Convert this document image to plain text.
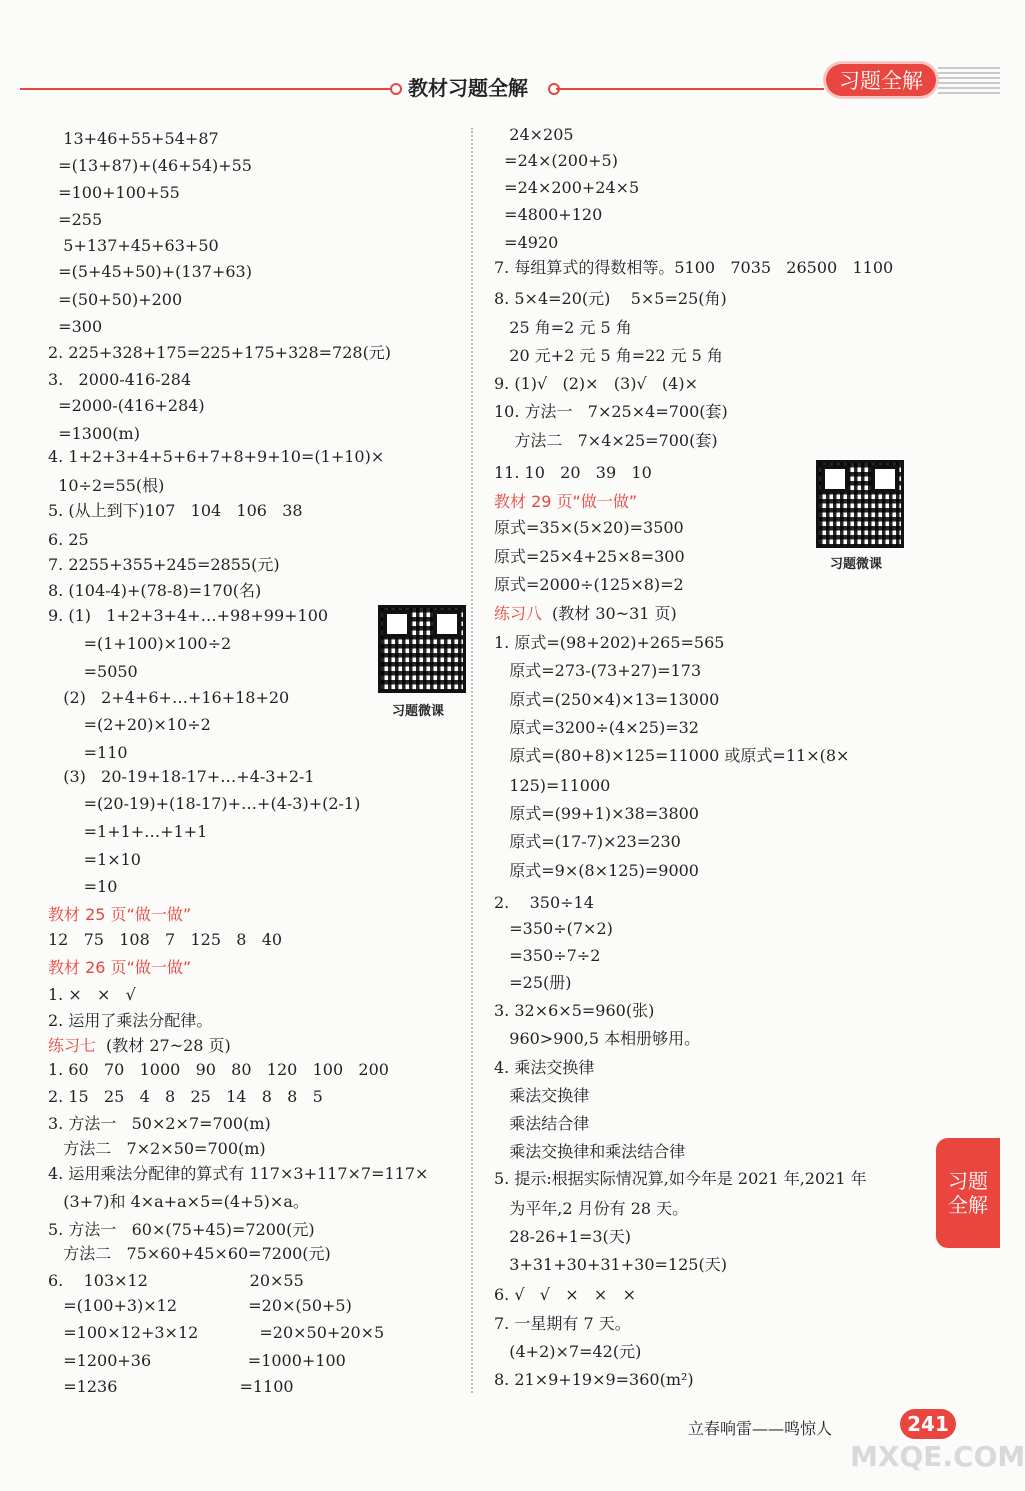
教材习题全解	习题全解
13+46+55+54+87
=(13+87)+(46+54)+55
=100+100+55
=255
5+137+45+63+50
=(5+45+50)+(137+63)
=(50+50)+200
=300
2. 225+328+175=225+175+328=728(元)
3.   2000-416-284
=2000-(416+284)
=1300(m)
4. 1+2+3+4+5+6+7+8+9+10=(1+10)×
10÷2=55(根)
5. (从上到下)107   104   106   38
6. 25
7. 2255+355+245=2855(元)
8. (104-4)+(78-8)=170(名)
9. (1)   1+2+3+4+…+98+99+100
=(1+100)×100÷2
=5050
(2)   2+4+6+…+16+18+20
=(2+20)×10÷2
=110
(3)   20-19+18-17+…+4-3+2-1
=(20-19)+(18-17)+…+(4-3)+(2-1)
=1+1+…+1+1
=1×10
=10
1. ×   ×   √
2. 运用了乘法分配律。
1. 60   70   1000   90   80   120   100   200
2. 15   25   4   8   25   14   8   8   5
3. 方法一   50×2×7=700(m)
方法二   7×2×50=700(m)
4. 运用乘法分配律的算式有 117×3+117×7=117×
(3+7)和 4×a+a×5=(4+5)×a。
5. 方法一   60×(75+45)=7200(元)
方法二   75×60+45×60=7200(元)
6.    103×12                    20×55
=(100+3)×12              =20×(50+5)
=100×12+3×12            =20×50+20×5
=1200+36                   =1000+100
=1236                        =1100
教材 25 页“做一做”
教材 26 页“做一做”
练习七
12   75   108   7   125   8   40
(教材 27~28 页)
24×205
=24×(200+5)
=24×200+24×5
=4800+120
=4920
7. 每组算式的得数相等。5100   7035   26500   1100
8. 5×4=20(元)    5×5=25(角)
25 角=2 元 5 角
20 元+2 元 5 角=22 元 5 角
9. (1)√   (2)×   (3)√   (4)×
10. 方法一   7×25×4=700(套)
方法二   7×4×25=700(套)
11. 10   20   39   10
原式=35×(5×20)=3500
原式=25×4+25×8=300
原式=2000÷(125×8)=2
1. 原式=(98+202)+265=565
原式=273-(73+27)=173
原式=(250×4)×13=13000
原式=3200÷(4×25)=32
原式=(80+8)×125=11000 或原式=11×(8×
125)=11000
原式=(99+1)×38=3800
原式=(17-7)×23=230
原式=9×(8×125)=9000
2.    350÷14
=350÷(7×2)
=350÷7÷2
=25(册)
3. 32×6×5=960(张)
960>900,5 本相册够用。
4. 乘法交换律
乘法交换律
乘法结合律
乘法交换律和乘法结合律
5. 提示:根据实际情况算,如今年是 2021 年,2021 年
为平年,2 月份有 28 天。
28-26+1=3(天)
3+31+30+31+30=125(天)
6. √   √   ×   ×   ×
7. 一星期有 7 天。
(4+2)×7=42(元)
8. 21×9+19×9=360(m²)
教材 29 页“做一做”
练习八 (教材 30~31 页)
习题微课
习题微课
习题全解
立春响雷——鸣惊人	241
MXQE.COM
